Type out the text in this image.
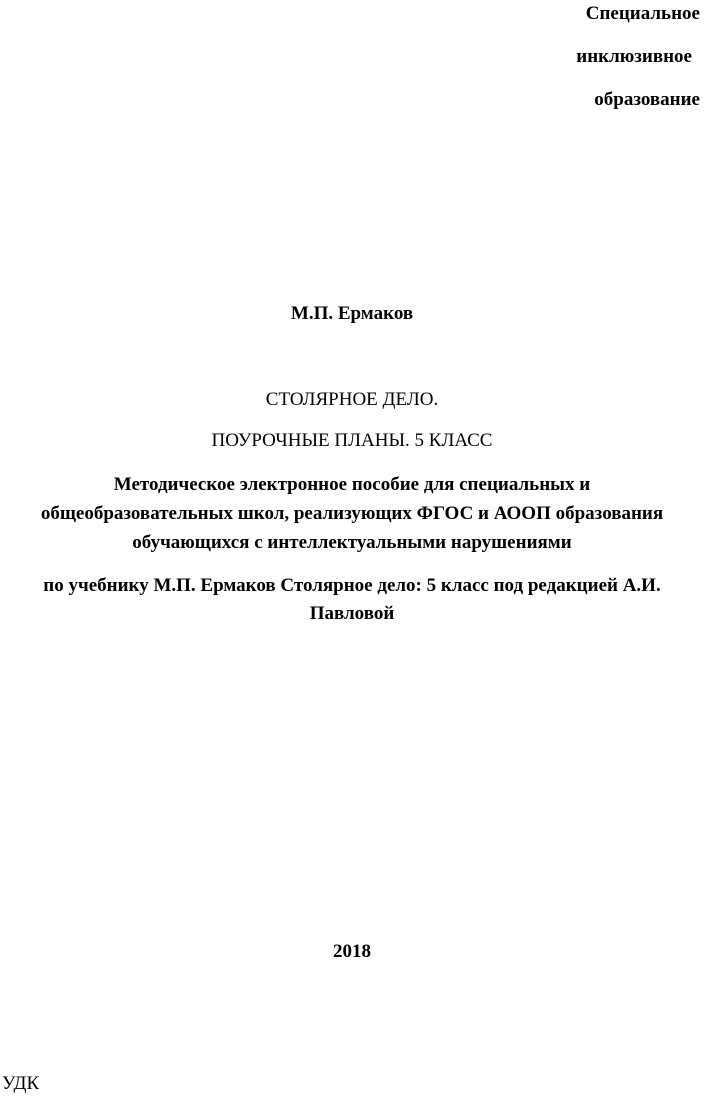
Специальное
инклюзивное
образование
М.П. Ермаков
СТОЛЯРНОЕ ДЕЛО.
ПОУРОЧНЫЕ ПЛАНЫ. 5 КЛАСС
Методическое электронное пособие для специальных и
общеобразовательных школ, реализующих ФГОС и АООП образования
обучающихся с интеллектуальными нарушениями
по учебнику М.П. Ермаков Столярное дело: 5 класс под редакцией А.И.
Павловой
2018
УДК
